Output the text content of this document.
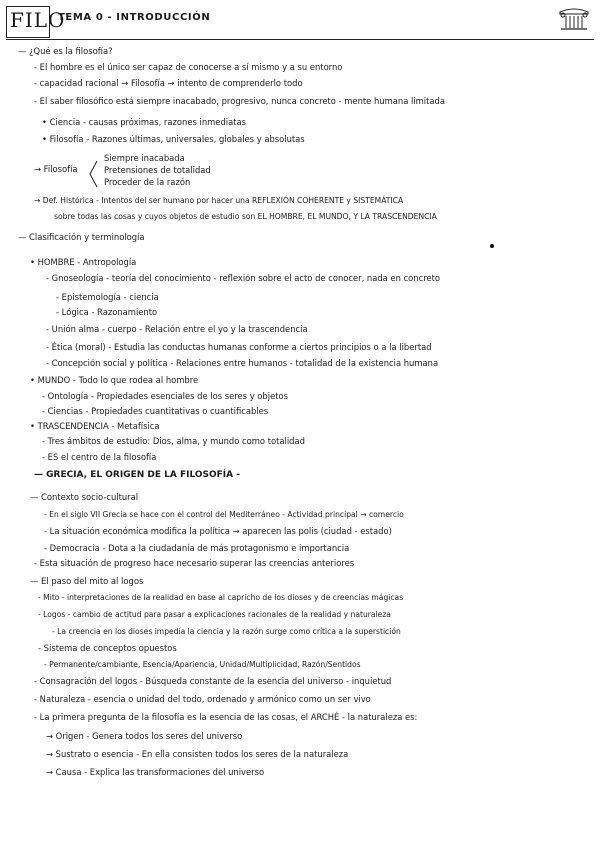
FILO
TEMA 0 - INTRODUCCIÓN
— ¿Qué es la filosofía?
- El hombre es el único ser capaz de conocerse a sí mismo y a su entorno
- capacidad racional → Filosofía → intento de comprenderlo todo
- El saber filosófico está siempre inacabado, progresivo, nunca concreto - mente humana limitada
• Ciencia - causas próximas, razones inmediatas
• Filosofía - Razones últimas, universales, globales y absolutas
Siempre inacabada
Pretensiones de totalidad
Proceder de la razón
→ Filosofía
→ Def. Histórica - Intentos del ser humano por hacer una REFLEXIÓN COHERENTE y SISTEMÁTICA
sobre todas las cosas y cuyos objetos de estudio son EL HOMBRE, EL MUNDO, Y LA TRASCENDENCIA
— Clasificación y terminología
• HOMBRE - Antropología
- Gnoseología - teoría del conocimiento - reflexión sobre el acto de conocer, nada en concreto
- Epistemología - ciencia
- Lógica - Razonamiento
- Unión alma - cuerpo - Relación entre el yo y la trascendencia
- Ética (moral) - Estudia las conductas humanas conforme a ciertos principios o a la libertad
- Concepción social y política - Relaciones entre humanos - totalidad de la existencia humana
• MUNDO - Todo lo que rodea al hombre
- Ontología - Propiedades esenciales de los seres y objetos
- Ciencias - Propiedades cuantitativas o cuantificables
• TRASCENDENCIA - Metafísica
- Tres ámbitos de estudio: Dios, alma, y mundo como totalidad
- ES el centro de la filosofía
— GRECIA, EL ORIGEN DE LA FILOSOFÍA -
— Contexto socio-cultural
- En el siglo VII Grecia se hace con el control del Mediterráneo - Actividad principal → comercio
- La situación económica modifica la política → aparecen las polis (ciudad - estado)
- Democracia - Dota a la ciudadanía de más protagonismo e importancia
- Esta situación de progreso hace necesario superar las creencias anteriores
— El paso del mito al logos
- Mito - interpretaciones de la realidad en base al capricho de los dioses y de creencias mágicas
- Logos - cambio de actitud para pasar a explicaciones racionales de la realidad y naturaleza
- La creencia en los dioses impedía la ciencia y la razón surge como crítica a la superstición
- Sistema de conceptos opuestos
- Permanente/cambiante, Esencia/Apariencia, Unidad/Multiplicidad, Razón/Sentidos
- Consagración del logos - Búsqueda constante de la esencia del universo - inquietud
- Naturaleza - esencia o unidad del todo, ordenado y armónico como un ser vivo
- La primera pregunta de la filosofía es la esencia de las cosas, el ARCHÉ - la naturaleza es:
→ Origen - Genera todos los seres del universo
→ Sustrato o esencia - En ella consisten todos los seres de la naturaleza
→ Causa - Explica las transformaciones del universo
